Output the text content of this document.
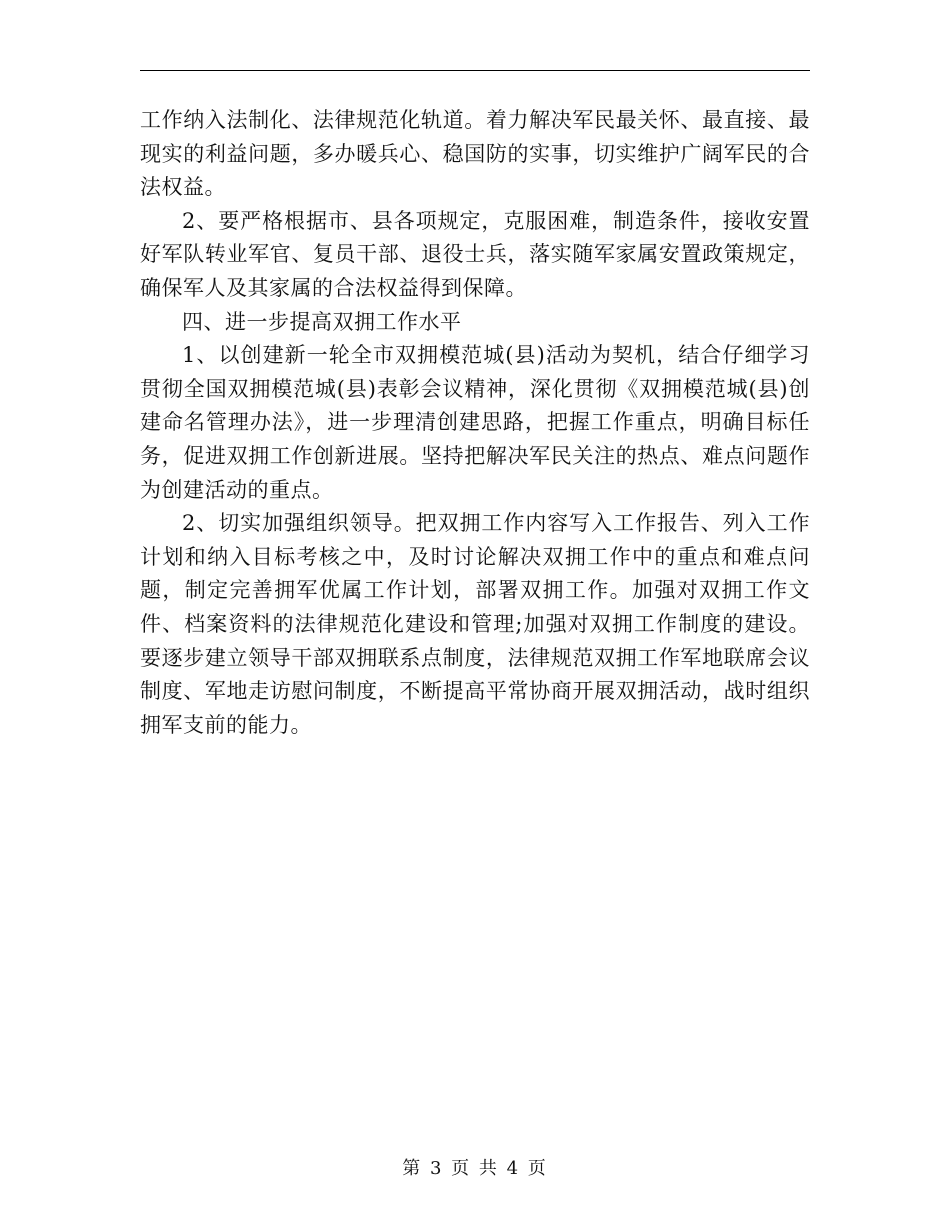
工作纳入法制化、法律规范化轨道。着力解决军民最关怀、最直接、最现实的利益问题，多办暖兵心、稳国防的实事，切实维护广阔军民的合法权益。

2、要严格根据市、县各项规定，克服困难，制造条件，接收安置好军队转业军官、复员干部、退役士兵，落实随军家属安置政策规定，确保军人及其家属的合法权益得到保障。

四、进一步提高双拥工作水平

1、以创建新一轮全市双拥模范城(县)活动为契机，结合仔细学习贯彻全国双拥模范城(县)表彰会议精神，深化贯彻《双拥模范城(县)创建命名管理办法》，进一步理清创建思路，把握工作重点，明确目标任务，促进双拥工作创新进展。坚持把解决军民关注的热点、难点问题作为创建活动的重点。

2、切实加强组织领导。把双拥工作内容写入工作报告、列入工作计划和纳入目标考核之中，及时讨论解决双拥工作中的重点和难点问题，制定完善拥军优属工作计划，部署双拥工作。加强对双拥工作文件、档案资料的法律规范化建设和管理;加强对双拥工作制度的建设。要逐步建立领导干部双拥联系点制度，法律规范双拥工作军地联席会议制度、军地走访慰问制度，不断提高平常协商开展双拥活动，战时组织拥军支前的能力。

第 3 页 共 4 页
